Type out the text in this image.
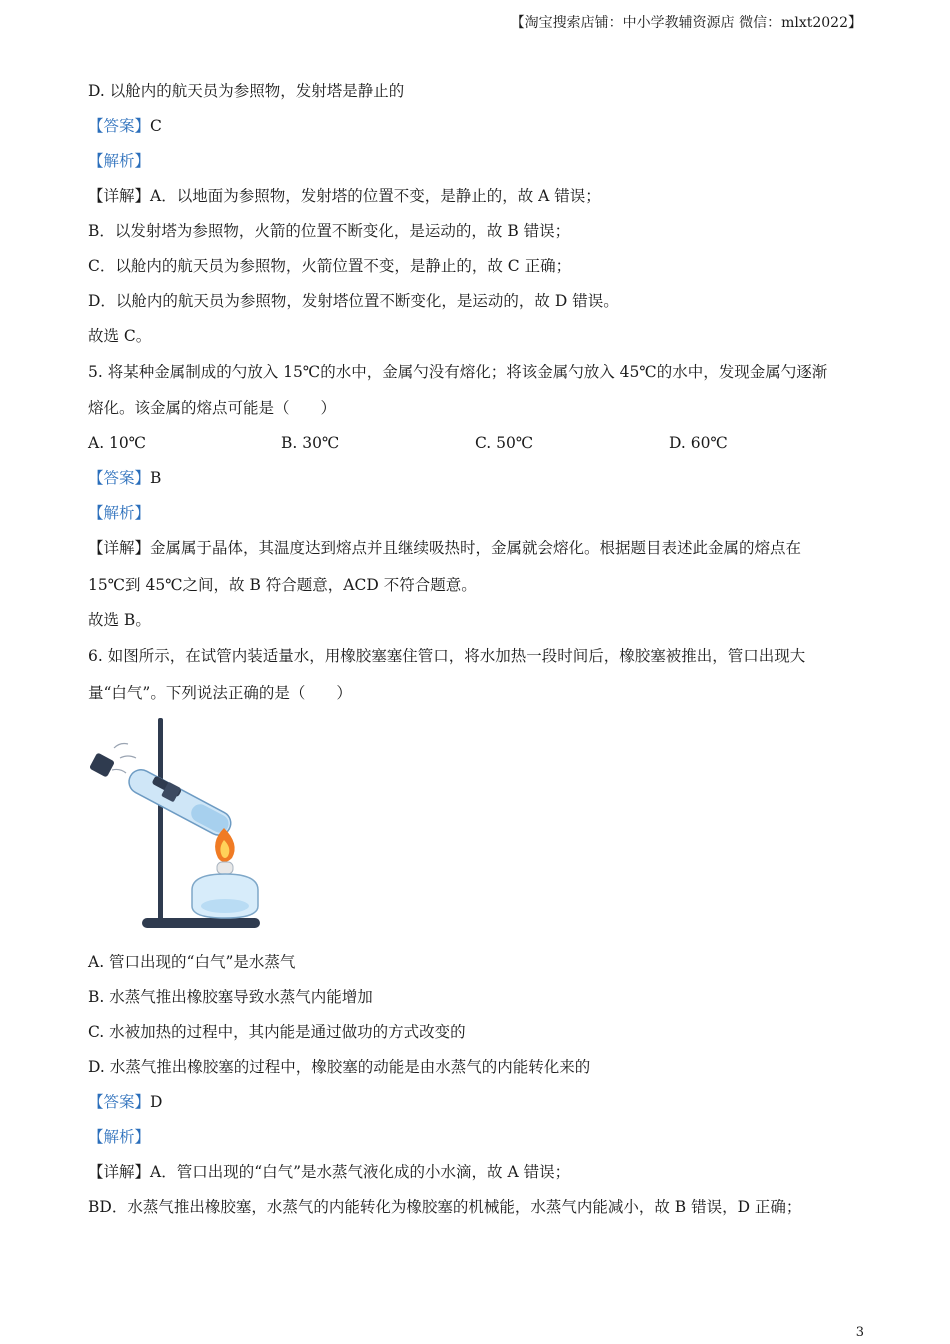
【淘宝搜索店铺：中小学教辅资源店 微信：mlxt2022】
D. 以舱内的航天员为参照物，发射塔是静止的
【答案】C
【解析】
【详解】A．以地面为参照物，发射塔的位置不变，是静止的，故 A 错误；
B．以发射塔为参照物，火箭的位置不断变化，是运动的，故 B 错误；
C．以舱内的航天员为参照物，火箭位置不变，是静止的，故 C 正确；
D．以舱内的航天员为参照物，发射塔位置不断变化，是运动的，故 D 错误。
故选 C。
5. 将某种金属制成的勺放入 15℃的水中，金属勺没有熔化；将该金属勺放入 45℃的水中，发现金属勺逐渐
熔化。该金属的熔点可能是（　　）
A. 10℃	B. 30℃	C. 50℃	D. 60℃
【答案】B
【解析】
【详解】金属属于晶体，其温度达到熔点并且继续吸热时，金属就会熔化。根据题目表述此金属的熔点在
15℃到 45℃之间，故 B 符合题意，ACD 不符合题意。
故选 B。
6. 如图所示，在试管内装适量水，用橡胶塞塞住管口，将水加热一段时间后，橡胶塞被推出，管口出现大
量“白气”。下列说法正确的是（　　）
A. 管口出现的“白气”是水蒸气
B. 水蒸气推出橡胶塞导致水蒸气内能增加
C. 水被加热的过程中，其内能是通过做功的方式改变的
D. 水蒸气推出橡胶塞的过程中，橡胶塞的动能是由水蒸气的内能转化来的
【答案】D
【解析】
【详解】A．管口出现的“白气”是水蒸气液化成的小水滴，故 A 错误；
BD．水蒸气推出橡胶塞，水蒸气的内能转化为橡胶塞的机械能，水蒸气内能减小，故 B 错误，D 正确；
3
